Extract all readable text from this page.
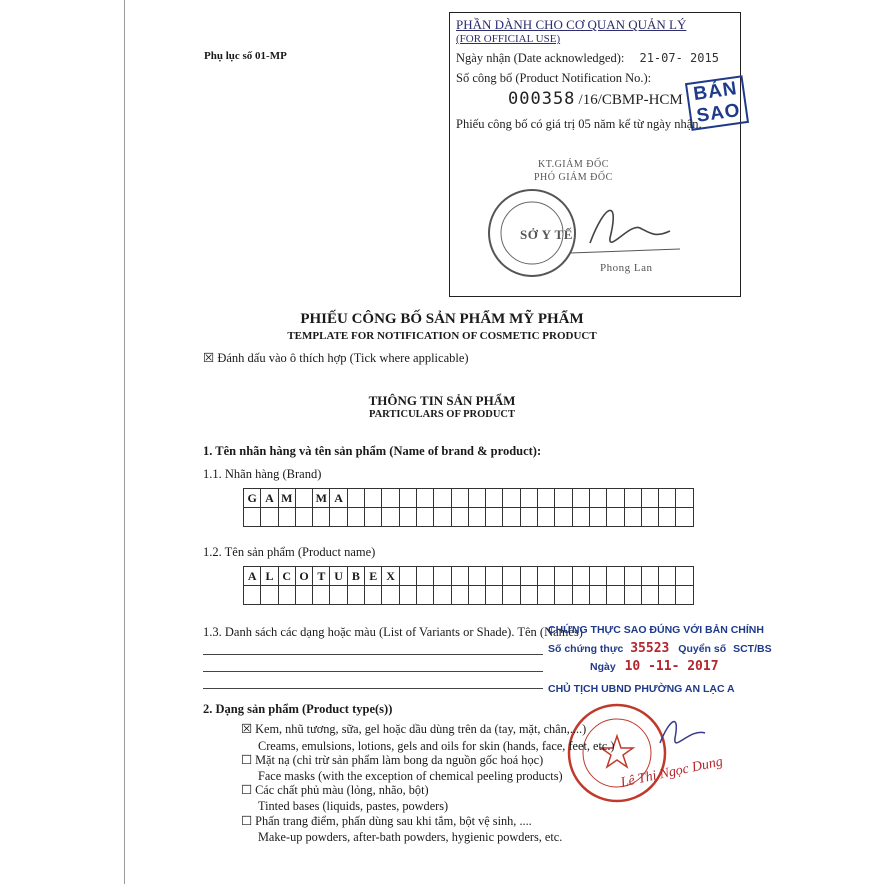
Phụ lục số 01-MP
PHẦN DÀNH CHO CƠ QUAN QUẢN LÝ
(FOR OFFICIAL USE)
Ngày nhận (Date acknowledged): 21-07- 2015
Số công bố (Product Notification No.):
000358 /16/CBMP-HCM BẢN SAO
Phiếu công bố có giá trị 05 năm kể từ ngày nhận.
KT.GIÁM ĐỐC
PHÓ GIÁM ĐỐC
SỞ Y TẾ
Phong Lan
PHIẾU CÔNG BỐ SẢN PHẨM MỸ PHẨM
TEMPLATE FOR NOTIFICATION OF COSMETIC PRODUCT
☒ Đánh dấu vào ô thích hợp (Tick where applicable)
THÔNG TIN SẢN PHẨM
PARTICULARS OF PRODUCT
1. Tên nhãn hàng và tên sản phẩm (Name of brand & product):
1.1. Nhãn hàng (Brand)
G	A	M		M	A																				

1.2. Tên sản phẩm (Product name)
A	L	C	O	T	U	B	E	X																	

1.3. Danh sách các dạng hoặc màu (List of Variants or Shade). Tên (Names)
CHỨNG THỰC SAO ĐÚNG VỚI BẢN CHÍNH
Số chứng thực 35523 Quyển số SCT/BS
Ngày 10 -11- 2017
CHỦ TỊCH UBND PHƯỜNG AN LẠC A
Lê Thị Ngọc Dung
2. Dạng sản phẩm (Product type(s))
☒ Kem, nhũ tương, sữa, gel hoặc dầu dùng trên da (tay, mặt, chân,....)
Creams, emulsions, lotions, gels and oils for skin (hands, face, feet, etc.)
☐ Mặt nạ (chỉ trừ sản phẩm làm bong da nguồn gốc hoá học)
Face masks (with the exception of chemical peeling products)
☐ Các chất phủ màu (lỏng, nhão, bột)
Tinted bases (liquids, pastes, powders)
☐ Phấn trang điểm, phấn dùng sau khi tắm, bột vệ sinh, ....
Make-up powders, after-bath powders, hygienic powders, etc.
